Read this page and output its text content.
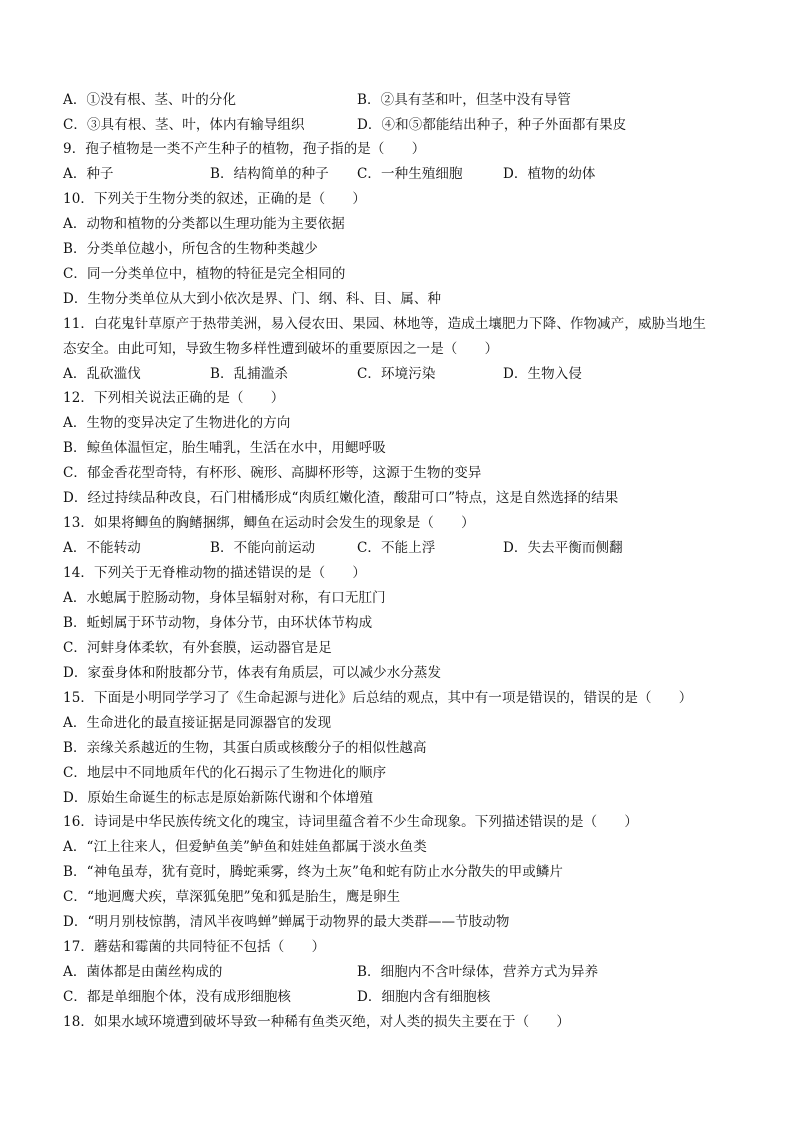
A．①没有根、茎、叶的分化	B．②具有茎和叶，但茎中没有导管
C．③具有根、茎、叶，体内有输导组织	D．④和⑤都能结出种子，种子外面都有果皮
9．孢子植物是一类不产生种子的植物，孢子指的是（　　）
A．种子	B．结构简单的种子 C．一种生殖细胞	D．植物的幼体
10．下列关于生物分类的叙述，正确的是（　　）
A．动物和植物的分类都以生理功能为主要依据
B．分类单位越小，所包含的生物种类越少
C．同一分类单位中，植物的特征是完全相同的
D．生物分类单位从大到小依次是界、门、纲、科、目、属、种
11．白花鬼针草原产于热带美洲，易入侵农田、果园、林地等，造成土壤肥力下降、作物减产，威胁当地生
态安全。由此可知，导致生物多样性遭到破坏的重要原因之一是（　　）
A．乱砍滥伐	B．乱捕滥杀	C．环境污染	D．生物入侵
12．下列相关说法正确的是（　　）
A．生物的变异决定了生物进化的方向
B．鲸鱼体温恒定，胎生哺乳，生活在水中，用鳃呼吸
C．郁金香花型奇特，有杯形、碗形、高脚杯形等，这源于生物的变异
D．经过持续品种改良，石门柑橘形成“肉质红嫩化渣，酸甜可口”特点，这是自然选择的结果
13．如果将鲫鱼的胸鳍捆绑，鲫鱼在运动时会发生的现象是（　　）
A．不能转动	B．不能向前运动	C．不能上浮	D．失去平衡而侧翻
14．下列关于无脊椎动物的描述错误的是（　　）
A．水螅属于腔肠动物，身体呈辐射对称，有口无肛门
B．蚯蚓属于环节动物，身体分节，由环状体节构成
C．河蚌身体柔软，有外套膜，运动器官是足
D．家蚕身体和附肢都分节，体表有角质层，可以减少水分蒸发
15．下面是小明同学学习了《生命起源与进化》后总结的观点，其中有一项是错误的，错误的是（　　）
A．生命进化的最直接证据是同源器官的发现
B．亲缘关系越近的生物，其蛋白质或核酸分子的相似性越高
C．地层中不同地质年代的化石揭示了生物进化的顺序
D．原始生命诞生的标志是原始新陈代谢和个体增殖
16．诗词是中华民族传统文化的瑰宝，诗词里蕴含着不少生命现象。下列描述错误的是（　　）
A．“江上往来人，但爱鲈鱼美”鲈鱼和娃娃鱼都属于淡水鱼类
B．“神龟虽寿，犹有竟时，腾蛇乘雾，终为土灰”龟和蛇有防止水分散失的甲或鳞片
C．“地迥鹰犬疾，草深狐兔肥”兔和狐是胎生，鹰是卵生
D．“明月别枝惊鹊，清风半夜鸣蝉”蝉属于动物界的最大类群——节肢动物
17．蘑菇和霉菌的共同特征不包括（　　）
A．菌体都是由菌丝构成的	B．细胞内不含叶绿体，营养方式为异养
C．都是单细胞个体，没有成形细胞核	D．细胞内含有细胞核
18．如果水域环境遭到破坏导致一种稀有鱼类灭绝，对人类的损失主要在于（　　）
